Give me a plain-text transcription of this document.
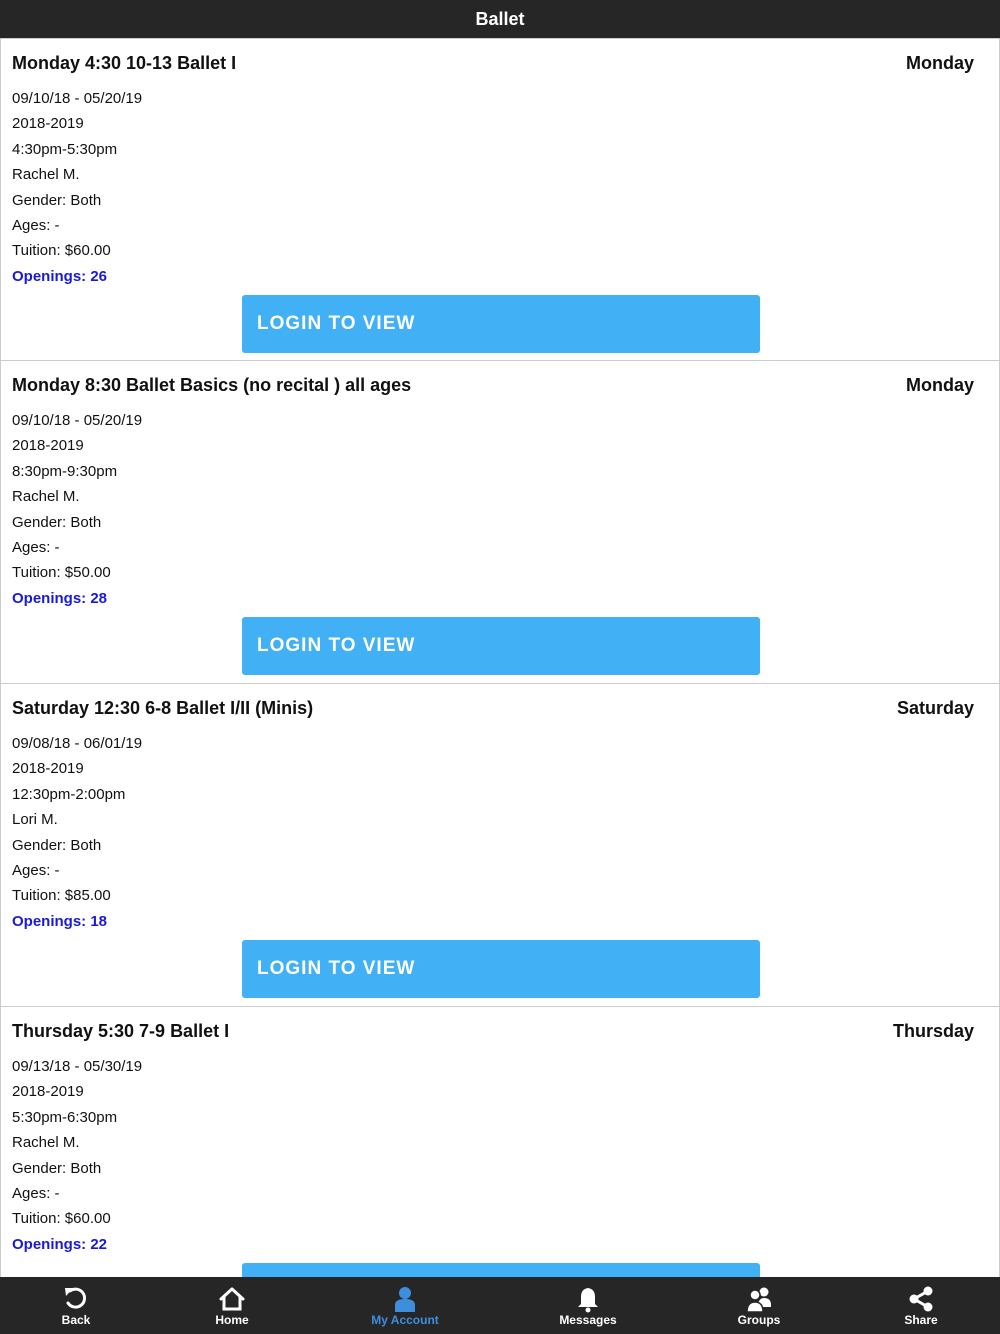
Ballet
Monday 4:30 10-13 Ballet I	Monday
09/10/18 - 05/20/19
2018-2019
4:30pm-5:30pm
Rachel M.
Gender: Both
Ages: -
Tuition: $60.00
Openings: 26
LOGIN TO VIEW
Monday 8:30 Ballet Basics (no recital ) all ages	Monday
09/10/18 - 05/20/19
2018-2019
8:30pm-9:30pm
Rachel M.
Gender: Both
Ages: -
Tuition: $50.00
Openings: 28
LOGIN TO VIEW
Saturday 12:30 6-8 Ballet I/II (Minis)	Saturday
09/08/18 - 06/01/19
2018-2019
12:30pm-2:00pm
Lori M.
Gender: Both
Ages: -
Tuition: $85.00
Openings: 18
LOGIN TO VIEW
Thursday 5:30 7-9 Ballet I	Thursday
09/13/18 - 05/30/19
2018-2019
5:30pm-6:30pm
Rachel M.
Gender: Both
Ages: -
Tuition: $60.00
Openings: 22
Back	Home	My Account	Messages	Groups	Share
